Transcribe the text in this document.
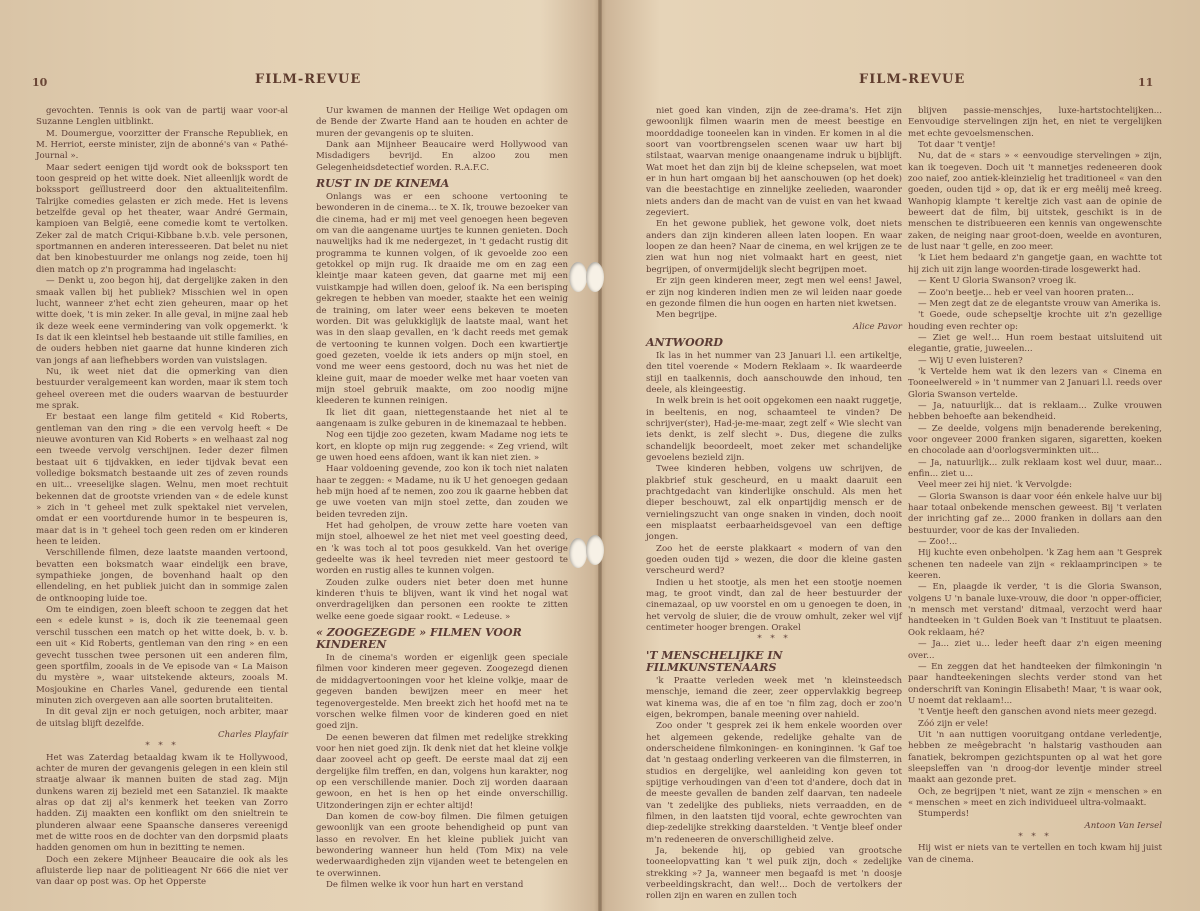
10	FILM-REVUE

gevochten. Tennis is ook van de partij waar voor-al Suzanne Lenglen uitblinkt.

M. Doumergue, voorzitter der Fransche Republiek, en M. Herriot, eerste minister, zijn de abonné's van « Pathé-Journal ».

Maar sedert eenigen tijd wordt ook de bokssport ten toon gespreid op het witte doek. Niet alleenlijk wordt de bokssport geïllustreerd door den aktualiteitenfilm. Talrijke comedies gelasten er zich mede. Het is levens betzelfde geval op het theater, waar André Germain, kampioen van België, eene comedie komt te vertolken. Zeker zal de match Criqui-Kibbane b.v.b. vele personen, sportmannen en anderen interesseeren. Dat belet nu niet dat ben kinobestuurder me onlangs nog zeide, toen hij dien match op z'n programma had ingelascht:

— Denkt u, zoo begon hij, dat dergelijke zaken in den smaak vallen bij het publiek? Misschien wel in open lucht, wanneer z'het echt zien geheuren, maar op het witte doek, 't is min zeker. In alle geval, in mijne zaal heb ik deze week eene vermindering van volk opgemerkt. 'k Is dat ik een kleintsel heb bestaande uit stille families, en de ouders hebben niet gaarne dat hunne kinderen zich van jongs af aan liefhebbers worden van vuistslagen.

Nu, ik weet niet dat die opmerking van dien bestuurder veralgemeent kan worden, maar ik stem toch geheel overeen met die ouders waarvan de bestuurder me sprak.

Er bestaat een lange film getiteld « Kid Roberts, gentleman van den ring » die een vervolg heeft « De nieuwe avonturen van Kid Roberts » en welhaast zal nog een tweede vervolg verschijnen. Ieder dezer filmen bestaat uit 6 tijdvakken, en ieder tijdvak bevat een volledige boksmatch bestaande uit zes of zeven rounds en uit... vreeselijke slagen. Welnu, men moet rechtuit bekennen dat de grootste vrienden van « de edele kunst » zich in 't geheel met zulk spektakel niet vervelen, omdat er een voortdurende humor in te bespeuren is, maar dat is in 't geheel toch geen reden om er kinderen heen te leiden.

Verschillende filmen, deze laatste maanden vertoond, bevatten een boksmatch waar eindelijk een brave, sympathieke jongen, de bovenhand haalt op den ellendeling, en het publiek juicht dan in sommige zalen de ontknooping luide toe.

Om te eindigen, zoen bleeft schoon te zeggen dat het een « edele kunst » is, doch ik zie teenemaal geen verschil tusschen een match op het witte doek, b. v. b. een uit « Kid Roberts, gentleman van den ring » en een gevecht tusschen twee personen uit een anderen film, geen sportfilm, zooals in de Ve episode van « La Maison du mystère », waar uitstekende akteurs, zooals M. Mosjoukine en Charles Vanel, gedurende een tiental minuten zich overgeven aan alle soorten brutaliteiten.

In dit geval zijn er noch getuigen, noch arbiter, maar de uitslag blijft dezelfde.

Charles Playfair

* * *

Het was Zaterdag betaaldag kwam ik te Hollywood, achter de muren der gevangenis gelegen in een klein stil straatje alwaar ik mannen buiten de stad zag. Mijn dunkens waren zij bezield met een Satanziel. Ik maakte alras op dat zij al's kenmerk het teeken van Zorro hadden. Zij maakten een konflikt om den snieltrein te plunderen alwaar eene Spaansche danseres vereenigd met de witte roos en de dochter van den dorpsmid plaats hadden genomen om hun in bezitting te nemen.

Doch een zekere Mijnheer Beaucaire die ook als les afluisterde liep naar de politieagent Nr 666 die niet ver van daar op post was. Op het Opperste

Uur kwamen de mannen der Heilige Wet opdagen om de Bende der Zwarte Hand aan te houden en achter de muren der gevangenis op te sluiten.

Dank aan Mijnheer Beaucaire werd Hollywood van Misdadigers bevrijd. En alzoo zou men Gelegenheidsdetectief worden. R.A.F.C.

RUST IN DE KINEMA

Onlangs was er een schoone vertooning te bewonderen in de cinema... te X. Ik, trouwe bezoeker van die cinema, had er mij met veel genoegen heen begeven om van die aangename uurtjes te kunnen genieten. Doch nauwelijks had ik me nedergezet, in 't gedacht rustig dit programma te kunnen volgen, of ik gevoelde zoo een getokkel op mijn rug. Ik draaide me om en zag een kleintje maar kateen geven, dat gaarne met mij een vuistkampje had willen doen, geloof ik. Na een berisping gekregen te hebben van moeder, staakte het een weinig de training, om later weer eens bekeven te moeten worden. Dit was gelukkiglijk de laatste maal, want het was in den slaap gevallen, en 'k dacht reeds met gemak de vertooning te kunnen volgen. Doch een kwartiertje goed gezeten, voelde ik iets anders op mijn stoel, en vond me weer eens gestoord, doch nu was het niet de kleine guit, maar de moeder welke met haar voeten van mijn stoel gebruik maakte, om zoo noodig mijne kleederen te kunnen reinigen.

Ik liet dit gaan, niettegenstaande het niet al te aangenaam is zulke geburen in de kinemazaal te hebben.

Nog een tijdje zoo gezeten, kwam Madame nog iets te kort, en klopte op mijn rug zeggende: « Zeg vriend, wilt ge uwen hoed eens afdoen, want ik kan niet zien. »

Haar voldoening gevende, zoo kon ik toch niet nalaten haar te zeggen: « Madame, nu ik U het genoegen gedaan heb mijn hoed af te nemen, zoo zou ik gaarne hebben dat ge uwe voeten van mijn stoel zette, dan zouden we beiden tevreden zijn.

Het had geholpen, de vrouw zette hare voeten van mijn stoel, alhoewel ze het niet met veel goesting deed, en 'k was toch al tot poos gesukkeld. Van het overige gedeelte was ik heel tevreden niet meer gestoord te worden en rustig alles te kunnen volgen.

Zouden zulke ouders niet beter doen met hunne kinderen t'huis te blijven, want ik vind het nogal wat onverdragelijken dan personen een rookte te zitten welke eene goede sigaar rookt. « Ledeuse. »

« ZOOGEZEGDE » FILMEN VOOR KINDEREN

In de cinema's worden er eigenlijk geen speciale filmen voor kinderen meer gegeven. Zoogezegd dienen de middagvertooningen voor het kleine volkje, maar de gegeven banden bewijzen meer en meer het tegenovergestelde. Men breekt zich het hoofd met na te vorschen welke filmen voor de kinderen goed en niet goed zijn.

De eenen beweren dat filmen met redelijke strekking voor hen niet goed zijn. Ik denk niet dat het kleine volkje daar zooveel acht op geeft. De eerste maal dat zij een dergelijke film treffen, en dan, volgens hun karakter, nog op een verschillende manier. Doch zij worden daaraan gewoon, en het is hen op het einde onverschillig. Uitzonderingen zijn er echter altijd!

Dan komen de cow-boy filmen. Die filmen getuigen gewoonlijk van een groote behendigheid op punt van lasso en revolver. En het kleine publiek juicht van bewondering wanneer hun held (Tom Mix) na vele wederwaardigheden zijn vijanden weet te betengelen en te overwinnen.

De filmen welke ik voor hun hart en verstand

11
FILM-REVUE

niet goed kan vinden, zijn de zee-drama's. Het zijn gewoonlijk filmen waarin men de meest beestige en moorddadige tooneelen kan in vinden. Er komen in al die soort van voortbrengselen scenen waar uw hart bij stilstaat, waarvan menige onaangename indruk u bijblijft. Wat moet het dan zijn bij de kleine schepselen, wat moet er in hun hart omgaan bij het aanschouwen (op het doek) van die beestachtige en zinnelijke zeelieden, waaronder niets anders dan de macht van de vuist en van het kwaad zegeviert.

En het gewone publiek, het gewone volk, doet niets anders dan zijn kinderen alleen laten loopen. En waar loopen ze dan heen? Naar de cinema, en wel krijgen ze te zien wat hun nog niet volmaakt hart en geest, niet begrijpen, of onvermijdelijk slecht begrijpen moet.

Er zijn geen kinderen meer, zegt men wel eens! Jawel, er zijn nog kinderen indien men ze wil leiden naar goede en gezonde filmen die hun oogen en harten niet kwetsen.

Men begrijpe.

Alice Pavor

ANTWOORD

Ik las in het nummer van 23 Januari l.l. een artikeltje, den titel voerende « Modern Reklaam ». Ik waardeerde stijl en taalkennis, doch aanschouwde den inhoud, ten deele, als kleingeestig.

In welk brein is het ooit opgekomen een naakt ruggetje, in beeltenis, en nog, schaamteel te vinden? De schrijver(ster), Had-je-me-maar, zegt zelf « Wie slecht van iets denkt, is zelf slecht ». Dus, diegene die zulks schandelijk beoordeelt, moet zeker met schandelijke gevoelens bezield zijn.

Twee kinderen hebben, volgens uw schrijven, de plakbrief stuk gescheurd, en u maakt daaruit een prachtgedacht van kinderlijke onschuld. Als men het dieper beschouwt, zal elk onpartijdig mensch er de vernielingszucht van onge snaken in vinden, doch nooit een misplaatst eerbaarheidsgevoel van een deftige jongen.

Zoo het de eerste plakkaart « modern of van den goeden ouden tijd » wezen, die door die kleine gasten verscheurd werd?

Indien u het stootje, als men het een stootje noemen mag, te groot vindt, dan zal de heer bestuurder der cinemazaal, op uw voorstel en om u genoegen te doen, in het vervolg de sluier, die de vrouw omhult, zeker wel vijf centimeter hooger brengen. Orakel

* * *

'T MENSCHELIJKE IN FILMKUNSTENAARS

'k Praatte verleden week met 'n kleinsteedsch menschje, iemand die zeer, zeer oppervlakkig begreep wat kinema was, die af en toe 'n film zag, doch er zoo'n eigen, bekrompen, banale meening over nahield.

Zoo onder 't gesprek zei ik hem enkele woorden over het algemeen gekende, redelijke gehalte van de onderscheidene filmkoningen- en koninginnen. 'k Gaf toe dat 'n gestaag onderling verkeeren van die filmsterren, in studios en dergelijke, wel aanleiding kon geven tot spijtige verhoudingen van d'een tot d'andere, doch dat in de meeste gevallen de banden zelf daarvan, ten nadeele van 't zedelijke des publieks, niets verraadden, en de filmen, in den laatsten tijd vooral, echte gewrochten van diep-zedelijke strekking daarstelden. 't Ventje bleef onder m'n redeneeren de onverschilligheid zelve.

Ja, bekende hij, op gebied van grootsche tooneelopvatting kan 't wel puik zijn, doch « zedelijke strekking »? Ja, wanneer men begaafd is met 'n doosje verbeeldingskracht, dan wel!... Doch de vertolkers der rollen zijn en waren en zullen toch

blijven passie-menschjes, luxe-hartstochtelijken... Eenvoudige stervelingen zijn het, en niet te vergelijken met echte gevoelsmenschen.

Tot daar 't ventje!

Nu, dat de « stars » « eenvoudige stervelingen » zijn, kan ik toegeven. Doch uit 't mannetjes redeneeren dook zoo naief, zoo antiek-kleinzielig het traditioneel « van den goeden, ouden tijd » op, dat ik er erg meêlij meê kreeg. Wanhopig klampte 't kereltje zich vast aan de opinie de beweert dat de film, bij uitstek, geschikt is in de menschen te distribueeren een kennis van ongewenschte zaken, de neiging naar groot-doen, weelde en avonturen, de lust naar 't gelle, en zoo meer.

'k Liet hem bedaard z'n gangetje gaan, en wachtte tot hij zich uit zijn lange woorden-tirade losgewerkt had.

— Kent U Gloria Swanson? vroeg ik.

— Zoo'n beetje... heb er veel van hooren praten...

— Men zegt dat ze de elegantste vrouw van Amerika is.

't Goede, oude schepseltje krochte uit z'n gezellige houding even rechter op:

— Ziet ge wel!... Hun roem bestaat uitsluitend uit elegantie, gratie, juweelen...

— Wij U even luisteren?

'k Vertelde hem wat ik den lezers van « Cinema en Tooneelwereld » in 't nummer van 2 Januari l.l. reeds over Gloria Swanson vertelde.

— Ja, natuurlijk... dat is reklaam... Zulke vrouwen hebben behoefte aan bekendheid.

— Ze deelde, volgens mijn benaderende berekening, voor ongeveer 2000 franken sigaren, sigaretten, koeken en chocolade aan d'oorlogsverminkten uit...

— Ja, natuurlijk... zulk reklaam kost wel duur, maar... enfin... ziet u...

Veel meer zei hij niet. 'k Vervolgde:

— Gloria Swanson is daar voor één enkele halve uur bij haar totaal onbekende menschen geweest. Bij 't verlaten der inrichting gaf ze... 2000 franken in dollars aan den bestuurder, voor de kas der Invalieden.

— Zoo!...

Hij kuchte even onbeholpen. 'k Zag hem aan 't Gesprek schenen ten nadeele van zijn « reklaamprincipen » te keeren.

— En, plaagde ik verder, 't is die Gloria Swanson, volgens U 'n banale luxe-vrouw, die door 'n opper-officier, 'n mensch met verstand' ditmaal, verzocht werd haar handteeken in 't Gulden Boek van 't Instituut te plaatsen. Ook reklaam, hé?

— Ja... ziet u... leder heeft daar z'n eigen meening over...

— En zeggen dat het handteeken der filmkoningin 'n paar handteekeningen slechts verder stond van het onderschrift van Koningin Elisabeth! Maar, 't is waar ook, U noemt dat reklaam!...

't Ventje heeft den ganschen avond niets meer gezegd.

Zóó zijn er vele!

Uit 'n aan nuttigen vooruitgang ontdane verledentje, hebben ze meêgebracht 'n halstarig vasthouden aan fanatiek, bekrompen gezichtspunten op al wat het gore sleepsleffen van 'n droog-dor leventje minder streel maakt aan gezonde pret.

Och, ze begrijpen 't niet, want ze zijn « menschen » en « menschen » meet en zich individueel ultra-volmaakt.

Stumperds!

Antoon Van Iersel

* * *

Hij wist er niets van te vertellen en toch kwam hij juist van de cinema.
